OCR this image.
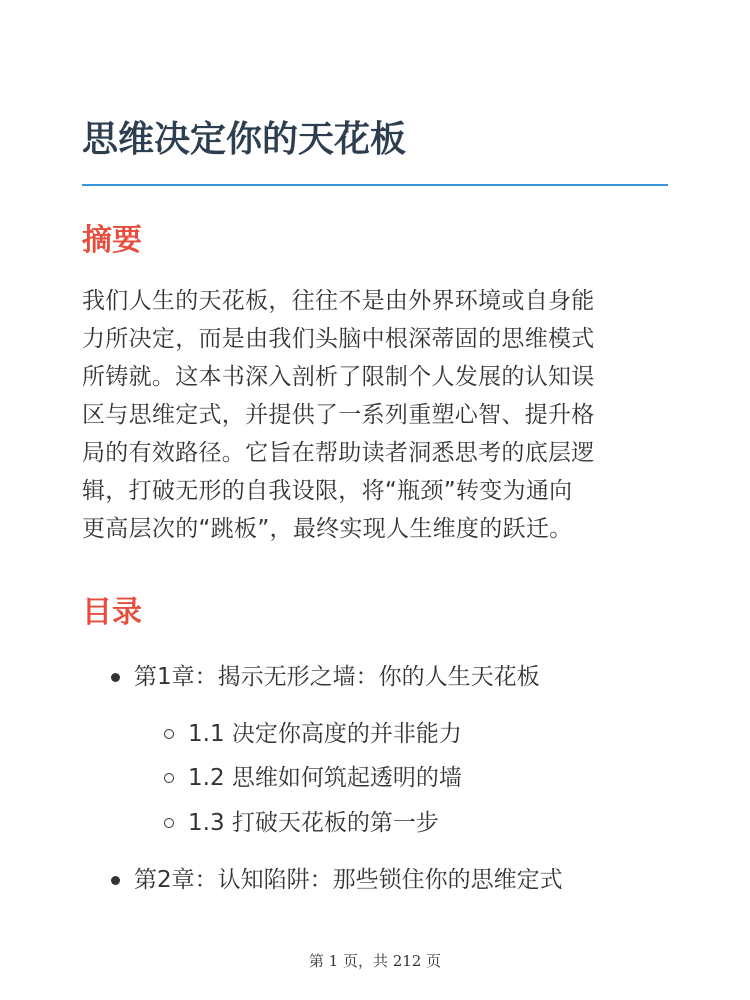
思维决定你的天花板
摘要

我们人生的天花板，往往不是由外界环境或自身能
力所决定，而是由我们头脑中根深蒂固的思维模式
所铸就。这本书深入剖析了限制个人发展的认知误
区与思维定式，并提供了一系列重塑心智、提升格
局的有效路径。它旨在帮助读者洞悉思考的底层逻
辑，打破无形的自我设限，将“瓶颈”转变为通向
更高层次的“跳板”，最终实现人生维度的跃迁。

目录
第1章：揭示无形之墙：你的人生天花板
1.1 决定你高度的并非能力
1.2 思维如何筑起透明的墙
1.3 打破天花板的第一步
第2章：认知陷阱：那些锁住你的思维定式
第 1 页，共 212 页
